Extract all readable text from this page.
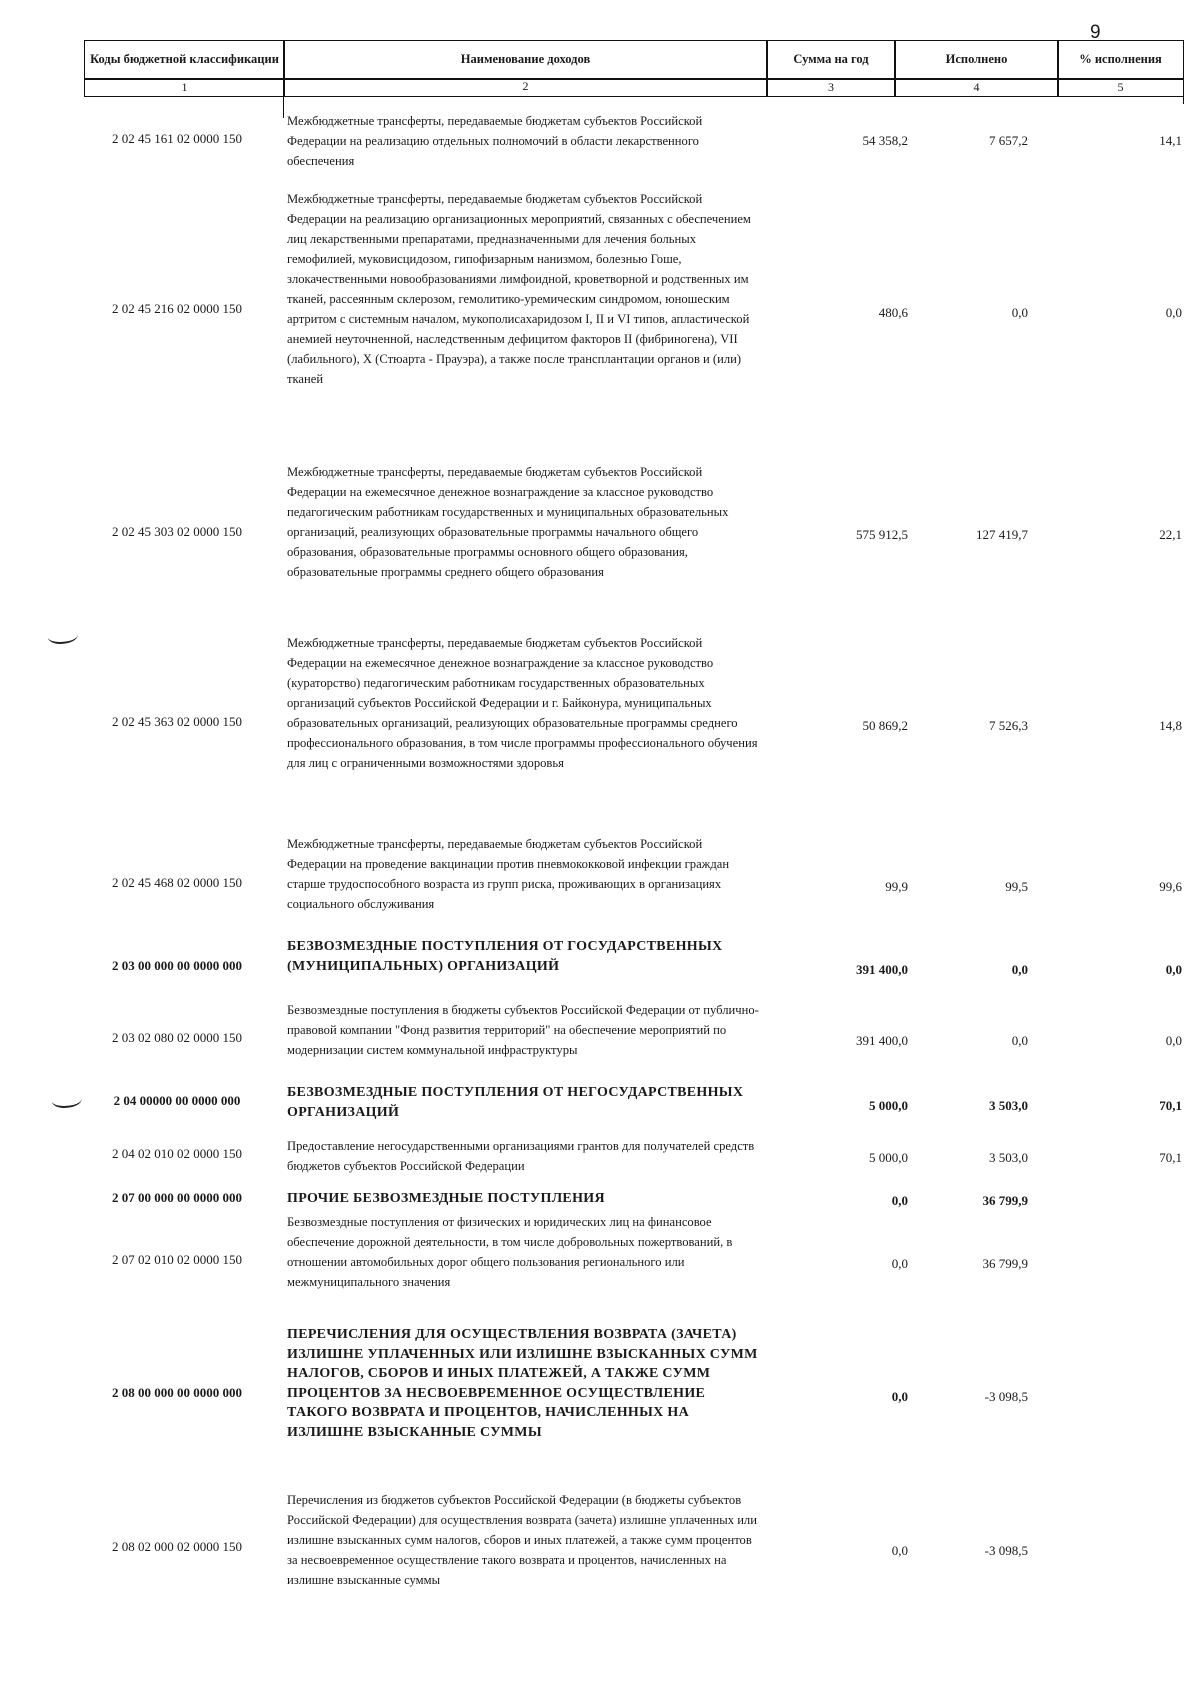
9
Коды бюджетной классификации	Наименование доходов	Сумма на год	Исполнено	% исполнения
1	2	3	4	5
2 02 45 161 02 0000 150
Межбюджетные трансферты, передаваемые бюджетам субъектов Российской Федерации на реализацию отдельных полномочий в области лекарственного обеспечения
54 358,2	7 657,2	14,1
2 02 45 216 02 0000 150
Межбюджетные трансферты, передаваемые бюджетам субъектов Российской Федерации на реализацию организационных мероприятий, связанных с обеспечением лиц лекарственными препаратами, предназначенными для лечения больных гемофилией, муковисцидозом, гипофизарным нанизмом, болезнью Гоше, злокачественными новообразованиями лимфоидной, кроветворной и родственных им тканей, рассеянным склерозом, гемолитико-уремическим синдромом, юношеским артритом с системным началом, мукополисахаридозом I, II и VI типов, апластической анемией неуточненной, наследственным дефицитом факторов II (фибриногена), VII (лабильного), X (Стюарта - Прауэра), а также после трансплантации органов и (или) тканей
480,6	0,0	0,0
2 02 45 303 02 0000 150
Межбюджетные трансферты, передаваемые бюджетам субъектов Российской Федерации на ежемесячное денежное вознаграждение за классное руководство педагогическим работникам государственных и муниципальных образовательных организаций, реализующих образовательные программы начального общего образования, образовательные программы основного общего образования, образовательные программы среднего общего образования
575 912,5	127 419,7	22,1
2 02 45 363 02 0000 150
Межбюджетные трансферты, передаваемые бюджетам субъектов Российской Федерации на ежемесячное денежное вознаграждение за классное руководство (кураторство) педагогическим работникам государственных образовательных организаций субъектов Российской Федерации и г. Байконура, муниципальных образовательных организаций, реализующих образовательные программы среднего профессионального образования, в том числе программы профессионального обучения для лиц с ограниченными возможностями здоровья
50 869,2	7 526,3	14,8
2 02 45 468 02 0000 150
Межбюджетные трансферты, передаваемые бюджетам субъектов Российской Федерации на проведение вакцинации против пневмококковой инфекции граждан старше трудоспособного возраста из групп риска, проживающих в организациях социального обслуживания
99,9	99,5	99,6
2 03 00 000 00 0000 000
БЕЗВОЗМЕЗДНЫЕ ПОСТУПЛЕНИЯ ОТ ГОСУДАРСТВЕННЫХ (МУНИЦИПАЛЬНЫХ) ОРГАНИЗАЦИЙ	391 400,0	0,0	0,0
2 03 02 080 02 0000 150
Безвозмездные поступления в бюджеты субъектов Российской Федерации от публично-правовой компании "Фонд развития территорий" на обеспечение мероприятий по модернизации систем коммунальной инфраструктуры
391 400,0	0,0	0,0
2 04 00000 00 0000 000
БЕЗВОЗМЕЗДНЫЕ ПОСТУПЛЕНИЯ ОТ НЕГОСУДАРСТВЕННЫХ ОРГАНИЗАЦИЙ	5 000,0	3 503,0	70,1
2 04 02 010 02 0000 150	Предоставление негосударственными организациями грантов для получателей средств бюджетов субъектов Российской Федерации
5 000,0	3 503,0	70,1
2 07 00 000 00 0000 000	ПРОЧИЕ БЕЗВОЗМЕЗДНЫЕ ПОСТУПЛЕНИЯ	0,0	36 799,9
2 07 02 010 02 0000 150
Безвозмездные поступления от физических и юридических лиц на финансовое обеспечение дорожной деятельности, в том числе добровольных пожертвований, в отношении автомобильных дорог общего пользования регионального или межмуниципального значения
0,0	36 799,9
2 08 00 000 00 0000 000
ПЕРЕЧИСЛЕНИЯ ДЛЯ ОСУЩЕСТВЛЕНИЯ ВОЗВРАТА (ЗАЧЕТА) ИЗЛИШНЕ УПЛАЧЕННЫХ ИЛИ ИЗЛИШНЕ ВЗЫСКАННЫХ СУММ НАЛОГОВ, СБОРОВ И ИНЫХ ПЛАТЕЖЕЙ, А ТАКЖЕ СУММ ПРОЦЕНТОВ ЗА НЕСВОЕВРЕМЕННОЕ ОСУЩЕСТВЛЕНИЕ ТАКОГО ВОЗВРАТА И ПРОЦЕНТОВ, НАЧИСЛЕННЫХ НА ИЗЛИШНЕ ВЗЫСКАННЫЕ СУММЫ
0,0	-3 098,5
2 08 02 000 02 0000 150
Перечисления из бюджетов субъектов Российской Федерации (в бюджеты субъектов Российской Федерации) для осуществления возврата (зачета) излишне уплаченных или излишне взысканных сумм налогов, сборов и иных платежей, а также сумм процентов за несвоевременное осуществление такого возврата и процентов, начисленных на излишне взысканные суммы
0,0	-3 098,5
